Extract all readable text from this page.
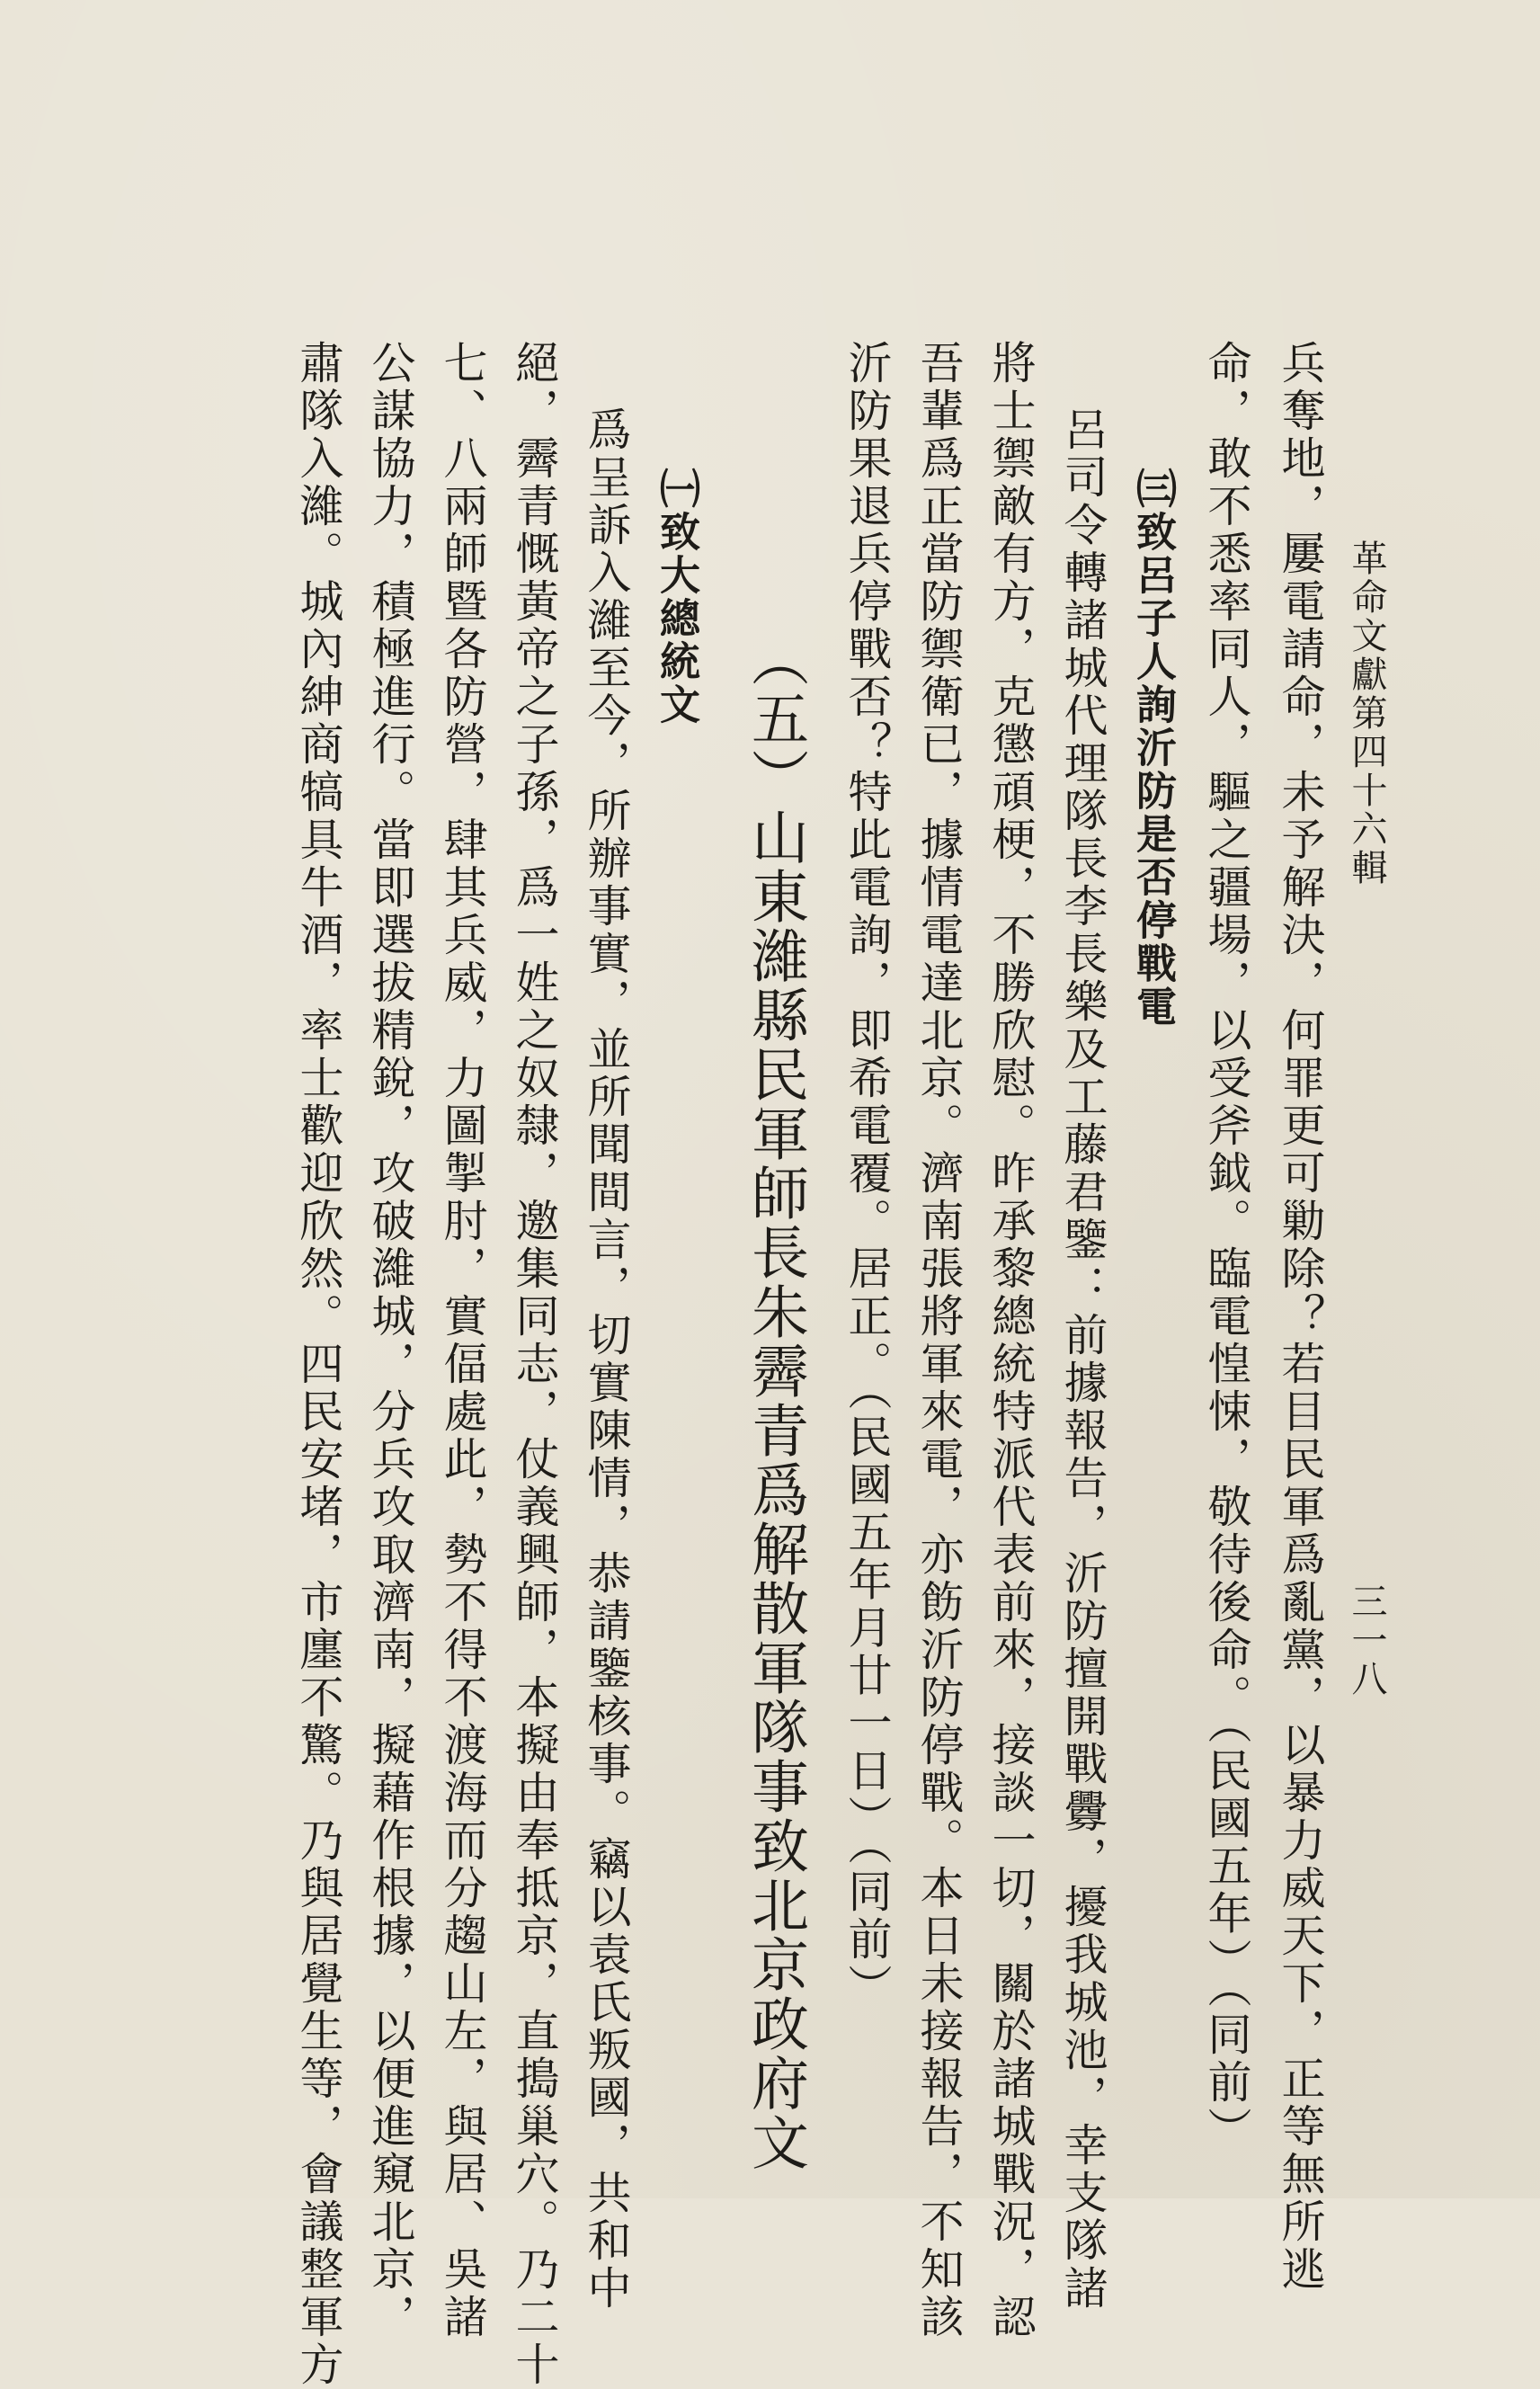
革命文獻第四十六輯
三一八
兵奪地，屢電請命，未予解決，何罪更可勦除？若目民軍爲亂黨，以暴力威天下，正等無所逃
命，敢不悉率同人，驅之疆場，以受斧鉞。臨電惶悚，敬待後命。（民國五年）（同前）
㈢致呂子人詢沂防是否停戰電
呂司令轉諸城代理隊長李長樂及工藤君鑒：前據報告，沂防擅開戰釁，擾我城池，幸支隊諸
將士禦敵有方，克懲頑梗，不勝欣慰。昨承黎總統特派代表前來，接談一切，關於諸城戰況，認
吾輩爲正當防禦衛已，據情電達北京。濟南張將軍來電，亦飭沂防停戰。本日未接報告，不知該
沂防果退兵停戰否？特此電詢，即希電覆。居正。（民國五年月廿一日）（同前）
（五）山東濰縣民軍師長朱霽青爲解散軍隊事致北京政府文
㈠致大總統文
爲呈訴入濰至今，所辦事實，並所聞間言，切實陳情，恭請鑒核事。竊以袁氏叛國，共和中
絕，霽青慨黃帝之子孫，爲一姓之奴隸，邀集同志，仗義興師，本擬由奉抵京，直搗巢穴。乃二十
七、八兩師暨各防營，肆其兵威，力圖掣肘，實偪處此，勢不得不渡海而分趨山左，與居、吳諸
公謀協力，積極進行。當即選拔精銳，攻破濰城，分兵攻取濟南，擬藉作根據，以便進窺北京，
肅隊入濰。城內紳商犒具牛酒，率士歡迎欣然。四民安堵，市廛不驚。乃與居覺生等，會議整軍方
